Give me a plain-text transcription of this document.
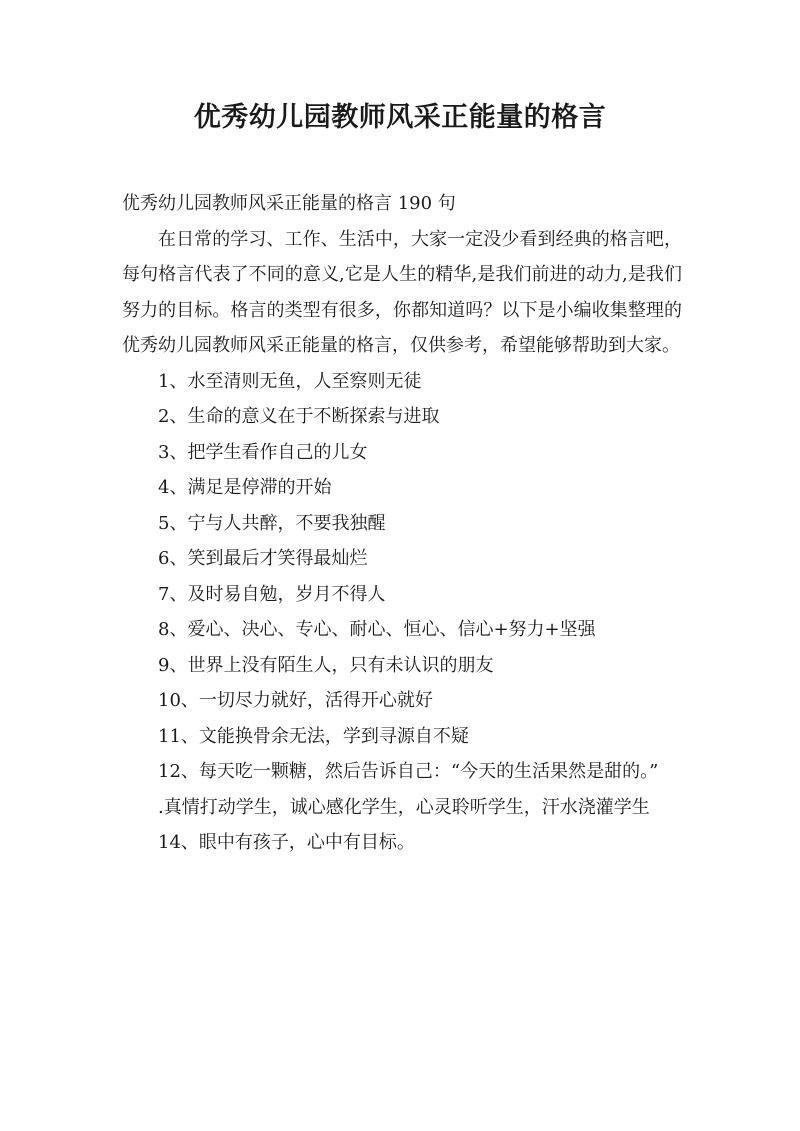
优秀幼儿园教师风采正能量的格言

优秀幼儿园教师风采正能量的格言 190 句

在日常的学习、工作、生活中，大家一定没少看到经典的格言吧，每句格言代表了不同的意义,它是人生的精华,是我们前进的动力,是我们努力的目标。格言的类型有很多，你都知道吗？以下是小编收集整理的优秀幼儿园教师风采正能量的格言，仅供参考，希望能够帮助到大家。

1、水至清则无鱼，人至察则无徒

2、生命的意义在于不断探索与进取

3、把学生看作自己的儿女

4、满足是停滞的开始

5、宁与人共醉，不要我独醒

6、笑到最后才笑得最灿烂

7、及时易自勉，岁月不得人

8、爱心、决心、专心、耐心、恒心、信心+努力+坚强

9、世界上没有陌生人，只有未认识的朋友

10、一切尽力就好，活得开心就好

11、文能换骨余无法，学到寻源自不疑

12、每天吃一颗糖，然后告诉自己：“今天的生活果然是甜的。”

.真情打动学生，诚心感化学生，心灵聆听学生，汗水浇灌学生

14、眼中有孩子，心中有目标。
